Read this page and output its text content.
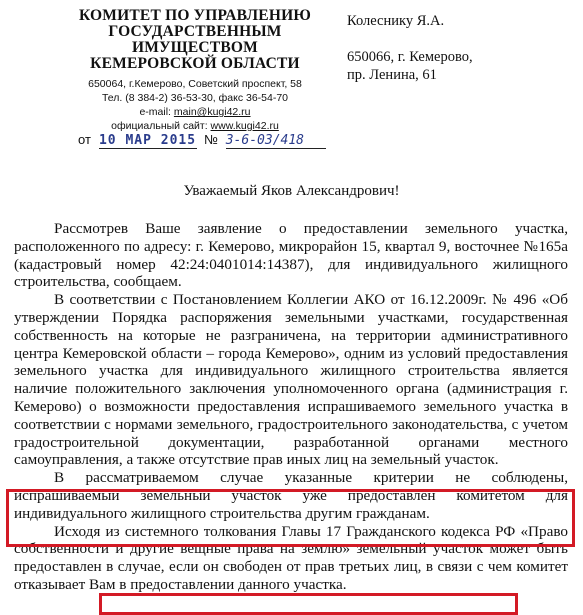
КОМИТЕТ ПО УПРАВЛЕНИЮ
ГОСУДАРСТВЕННЫМ ИМУЩЕСТВОМ
КЕМЕРОВСКОЙ ОБЛАСТИ
650064, г.Кемерово, Советский проспект, 58
Тел. (8 384-2) 36-53-30, факс 36-54-70
e-mail: main@kugi42.ru
официальный сайт: www.kugi42.ru
Колеснику Я.А.
650066, г. Кемерово,
пр. Ленина, 61
от 10 МАР 2015 № 3-6-03/418
Уважаемый Яков Александрович!

Рассмотрев Ваше заявление о предоставлении земельного участка, расположенного по адресу: г. Кемерово, микрорайон 15, квартал 9, восточнее №165а (кадастровый номер 42:24:0401014:14387), для индивидуального жилищного строительства, сообщаем.

В соответствии с Постановлением Коллегии АКО от 16.12.2009г. № 496 «Об утверждении Порядка распоряжения земельными участками, государственная собственность на которые не разграничена, на территории административного центра Кемеровской области – города Кемерово», одним из условий предоставления земельного участка для индивидуального жилищного строительства является наличие положительного заключения уполномоченного органа (администрация г. Кемерово) о возможности предоставления испрашиваемого земельного участка в соответствии с нормами земельного, градостроительного законодательства, с учетом градостроительной документации, разработанной органами местного самоуправления, а также отсутствие прав иных лиц на земельный участок.

В рассматриваемом случае указанные критерии не соблюдены, испрашиваемый земельный участок уже предоставлен комитетом для индивидуального жилищного строительства другим гражданам.

Исходя из системного толкования Главы 17 Гражданского кодекса РФ «Право собственности и другие вещные права на землю» земельный участок может быть предоставлен в случае, если он свободен от прав третьих лиц, в связи с чем комитет отказывает Вам в предоставлении данного участка.
